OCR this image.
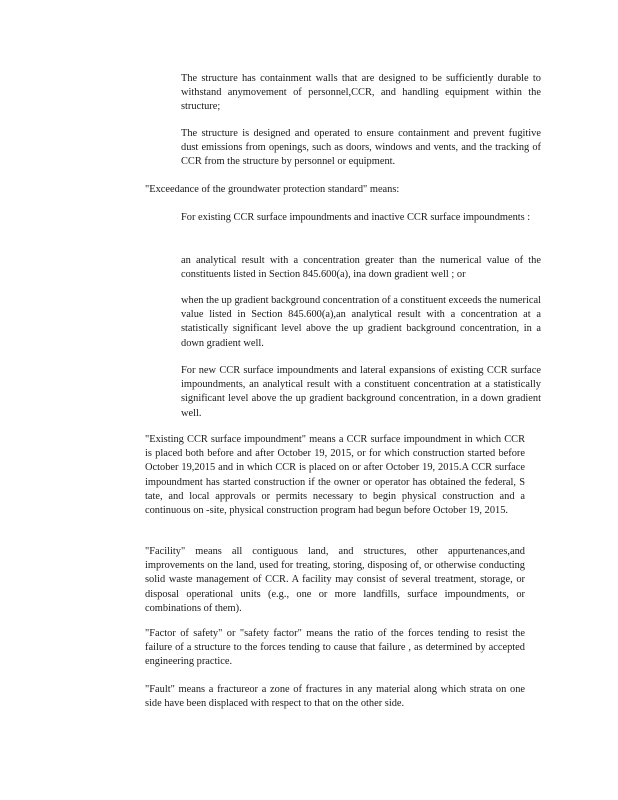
The structure has containment walls that are designed to be sufficiently durable to withstand anymovement of personnel,CCR, and handling equipment within the structure;

The structure is designed and operated to ensure containment and prevent fugitive dust emissions from openings, such as doors, windows and vents, and the tracking of CCR from the structure by personnel or equipment.

"Exceedance of the groundwater protection standard" means:

For existing CCR surface impoundments and inactive CCR surface impoundments :

an analytical result with a concentration greater than the numerical value of the constituents listed in Section 845.600(a), ina down gradient well ; or

when the up gradient background concentration of a constituent exceeds the numerical value listed in Section 845.600(a),an analytical result with a concentration at a statistically significant level above the up gradient background concentration, in a down gradient well.

For new CCR surface impoundments and lateral expansions of existing CCR surface impoundments, an analytical result with a constituent concentration at a statistically significant level above the up gradient background concentration, in a down gradient well.

"Existing CCR surface impoundment" means a CCR surface impoundment in which CCR is placed both before and after October 19, 2015, or for which construction started before October 19,2015 and in which CCR is placed on or after October 19, 2015.A CCR surface impoundment has started construction if the owner or operator has obtained the federal, S tate, and local approvals or permits necessary to begin physical construction and a continuous on -site, physical construction program had begun before October 19, 2015.

"Facility" means all contiguous land, and structures, other appurtenances,and improvements on the land, used for treating, storing, disposing of, or otherwise conducting solid waste management of CCR. A facility may consist of several treatment, storage, or disposal operational units (e.g., one or more landfills, surface impoundments, or combinations of them).

"Factor of safety" or "safety factor" means the ratio of the forces tending to resist the failure of a structure to the forces tending to cause that failure , as determined by accepted engineering practice.

"Fault" means a fractureor a zone of fractures in any material along which strata on one side have been displaced with respect to that on the other side.
